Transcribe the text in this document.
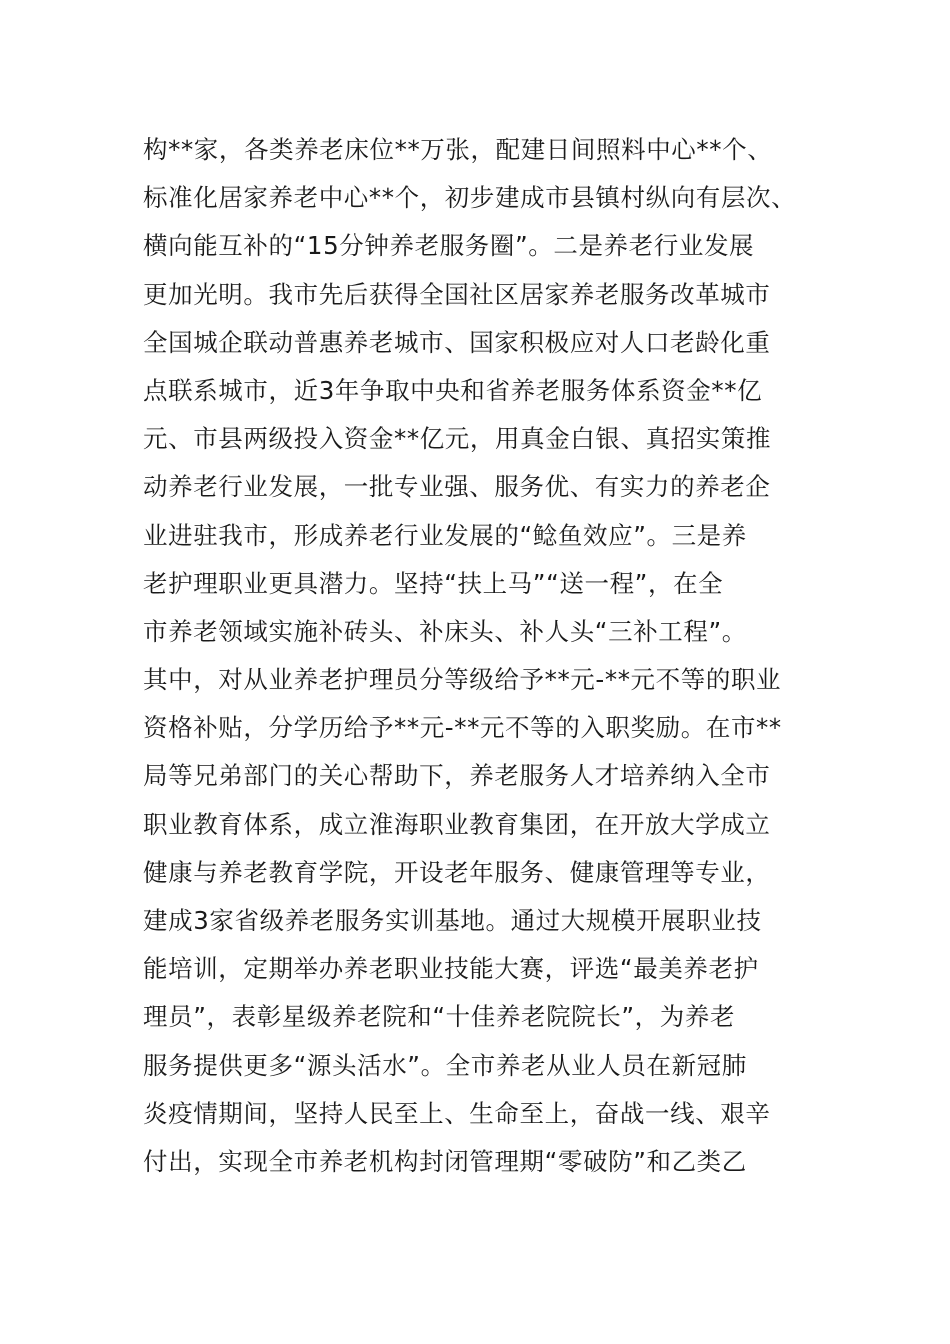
构**家，各类养老床位**万张，配建日间照料中心**个、
标准化居家养老中心**个，初步建成市县镇村纵向有层次、
横向能互补的“15分钟养老服务圈”。二是养老行业发展
更加光明。我市先后获得全国社区居家养老服务改革城市
全国城企联动普惠养老城市、国家积极应对人口老龄化重
点联系城市，近3年争取中央和省养老服务体系资金**亿
元、市县两级投入资金**亿元，用真金白银、真招实策推
动养老行业发展，一批专业强、服务优、有实力的养老企
业进驻我市，形成养老行业发展的“鲶鱼效应”。三是养
老护理职业更具潜力。坚持“扶上马”“送一程”，在全
市养老领域实施补砖头、补床头、补人头“三补工程”。
其中，对从业养老护理员分等级给予**元-**元不等的职业
资格补贴，分学历给予**元-**元不等的入职奖励。在市**
局等兄弟部门的关心帮助下，养老服务人才培养纳入全市
职业教育体系，成立淮海职业教育集团，在开放大学成立
健康与养老教育学院，开设老年服务、健康管理等专业，
建成3家省级养老服务实训基地。通过大规模开展职业技
能培训，定期举办养老职业技能大赛，评选“最美养老护
理员”，表彰星级养老院和“十佳养老院院长”，为养老
服务提供更多“源头活水”。全市养老从业人员在新冠肺
炎疫情期间，坚持人民至上、生命至上，奋战一线、艰辛
付出，实现全市养老机构封闭管理期“零破防”和乙类乙
